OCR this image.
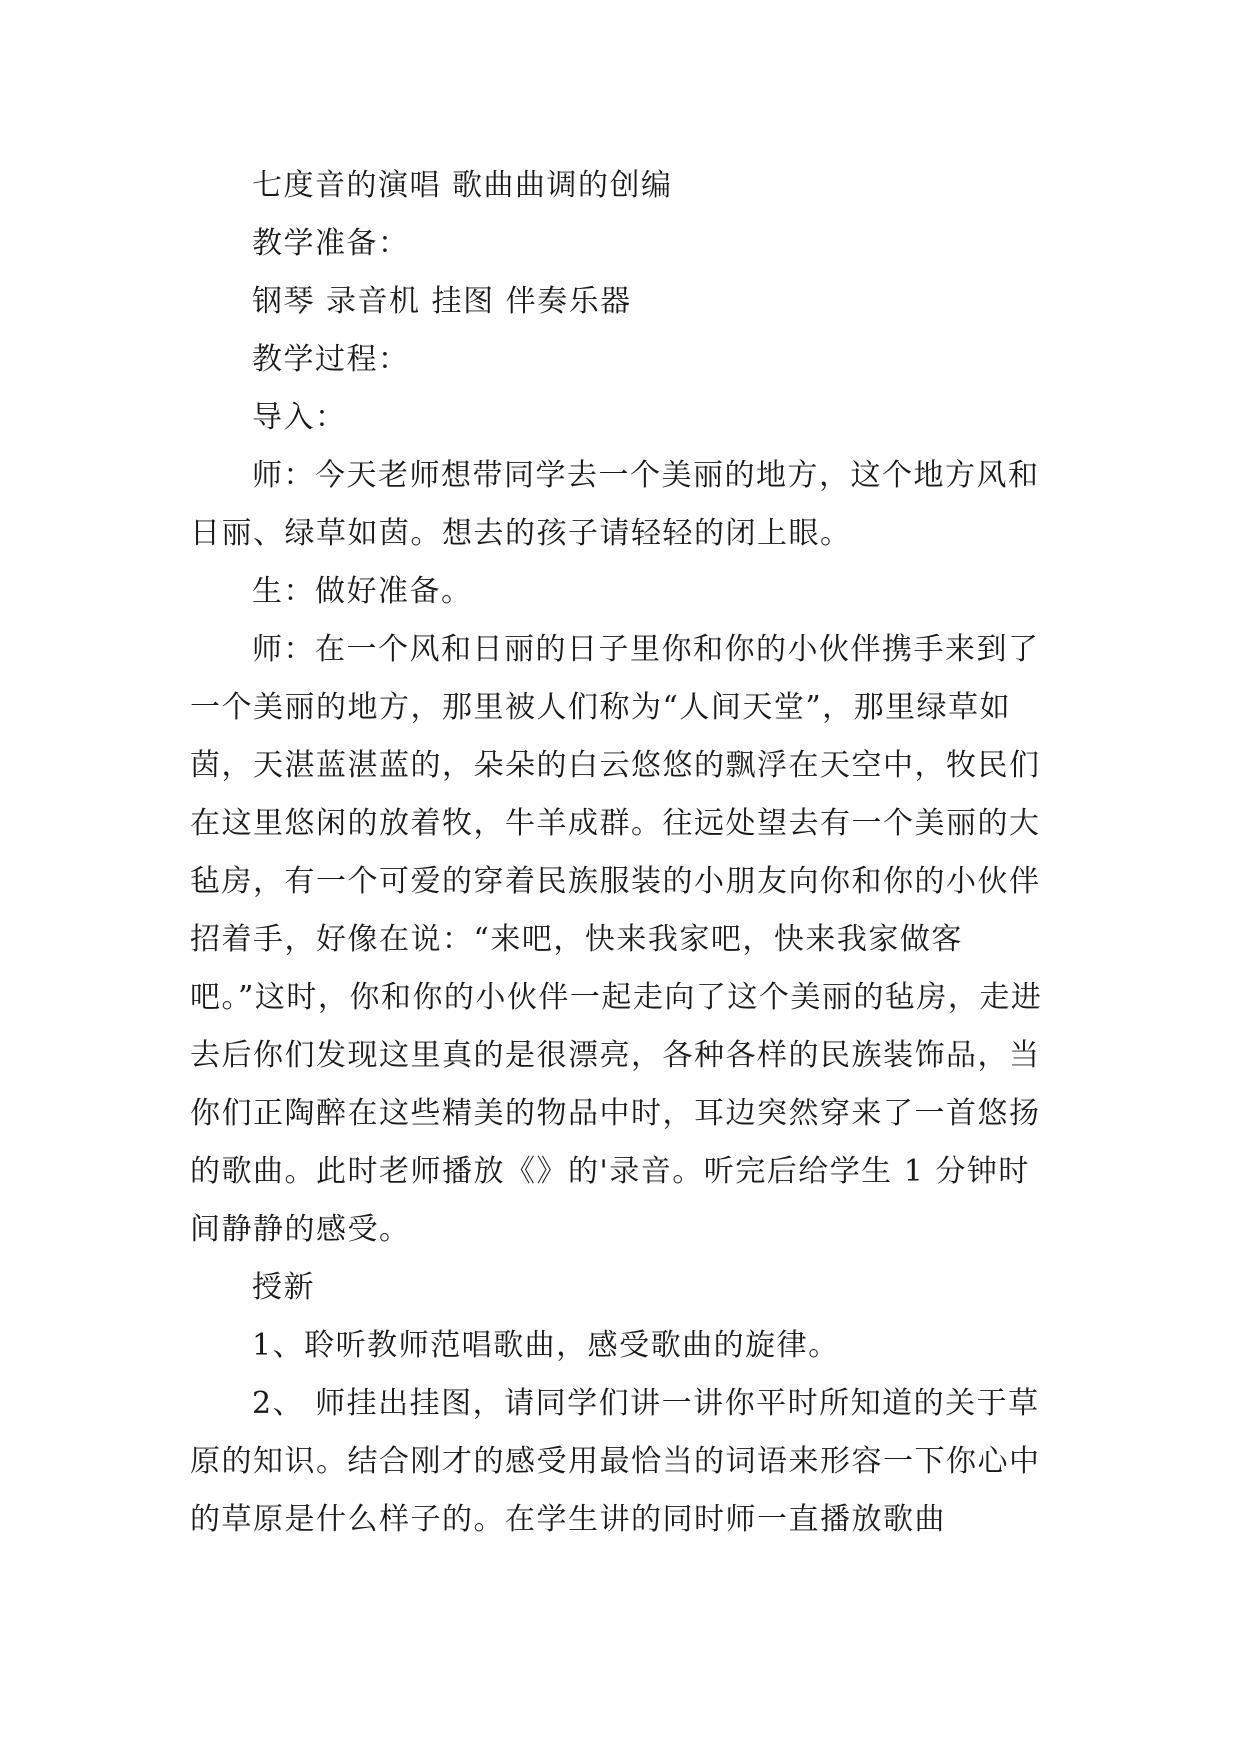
七度音的演唱 歌曲曲调的创编

教学准备：

钢琴 录音机 挂图 伴奏乐器

教学过程：

导入：

师：今天老师想带同学去一个美丽的地方，这个地方风和日丽、绿草如茵。想去的孩子请轻轻的闭上眼。

生：做好准备。

师：在一个风和日丽的日子里你和你的小伙伴携手来到了一个美丽的地方，那里被人们称为“人间天堂”，那里绿草如茵，天湛蓝湛蓝的，朵朵的白云悠悠的飘浮在天空中，牧民们在这里悠闲的放着牧，牛羊成群。往远处望去有一个美丽的大毡房，有一个可爱的穿着民族服装的小朋友向你和你的小伙伴招着手，好像在说：“来吧，快来我家吧，快来我家做客吧。”这时，你和你的小伙伴一起走向了这个美丽的毡房，走进去后你们发现这里真的是很漂亮，各种各样的民族装饰品，当你们正陶醉在这些精美的物品中时，耳边突然穿来了一首悠扬的歌曲。此时老师播放《》的'录音。听完后给学生 1 分钟时间静静的感受。

授新

1、聆听教师范唱歌曲，感受歌曲的旋律。

2、 师挂出挂图，请同学们讲一讲你平时所知道的关于草原的知识。结合刚才的感受用最恰当的词语来形容一下你心中的草原是什么样子的。在学生讲的同时师一直播放歌曲
